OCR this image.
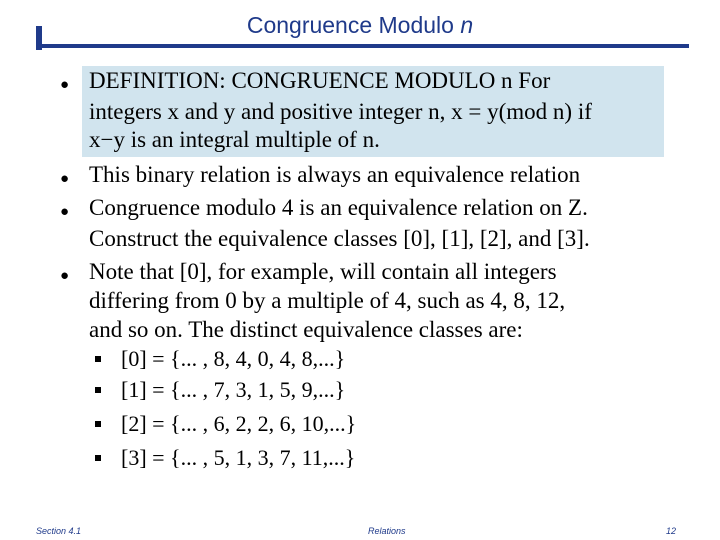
Congruence Modulo n
● DEFINITION: CONGRUENCE MODULO n For
integers x and y and positive integer n, x = y(mod n) if
x−y is an integral multiple of n.
● This binary relation is always an equivalence relation
● Congruence modulo 4 is an equivalence relation on Z.
Construct the equivalence classes [0], [1], [2], and [3].
● Note that [0], for example, will contain all integers
differing from 0 by a multiple of 4, such as 4, 8, 12,
and so on. The distinct equivalence classes are:
[0] = {... , 8, 4, 0, 4, 8,...}
[1] = {... , 7, 3, 1, 5, 9,...}
[2] = {... , 6, 2, 2, 6, 10,...}
[3] = {... , 5, 1, 3, 7, 11,...}
Section 4.1	Relations	12
